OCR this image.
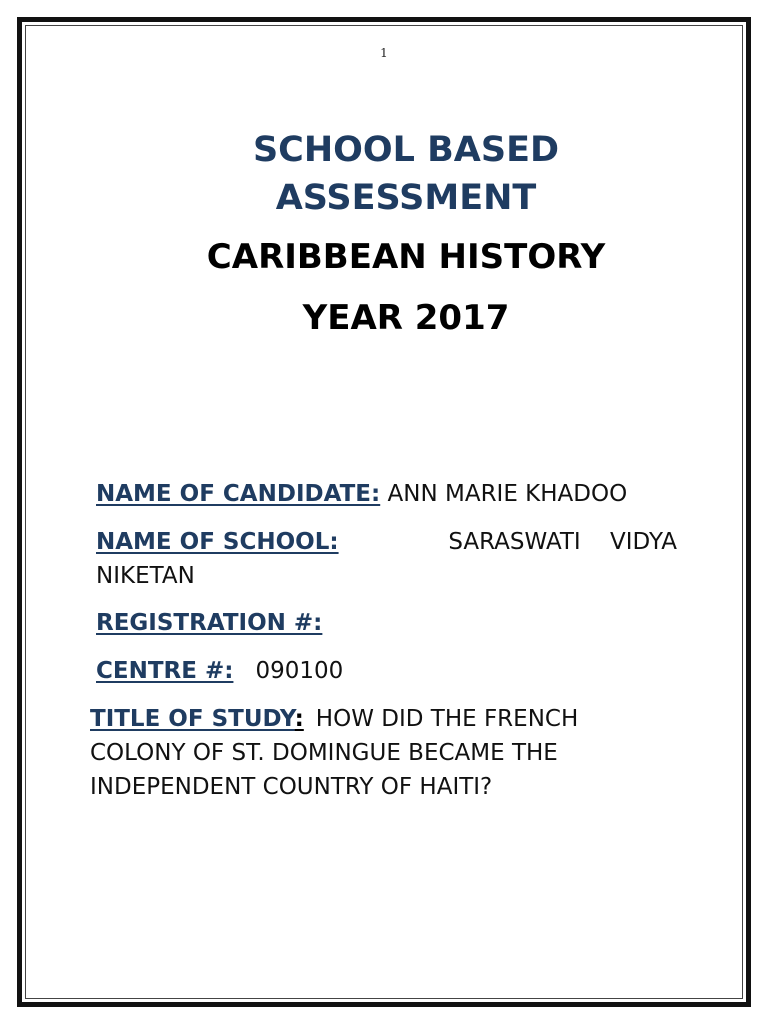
1
SCHOOL BASED ASSESSMENT
CARIBBEAN HISTORY
YEAR 2017
NAME OF CANDIDATE: ANN MARIE KHADOO
NAME OF SCHOOL:	SARASWATI VIDYA
NIKETAN
REGISTRATION #:
CENTRE #: 090100
TITLE OF STUDY: HOW DID THE FRENCH COLONY OF ST. DOMINGUE BECAME THE INDEPENDENT COUNTRY OF HAITI?
